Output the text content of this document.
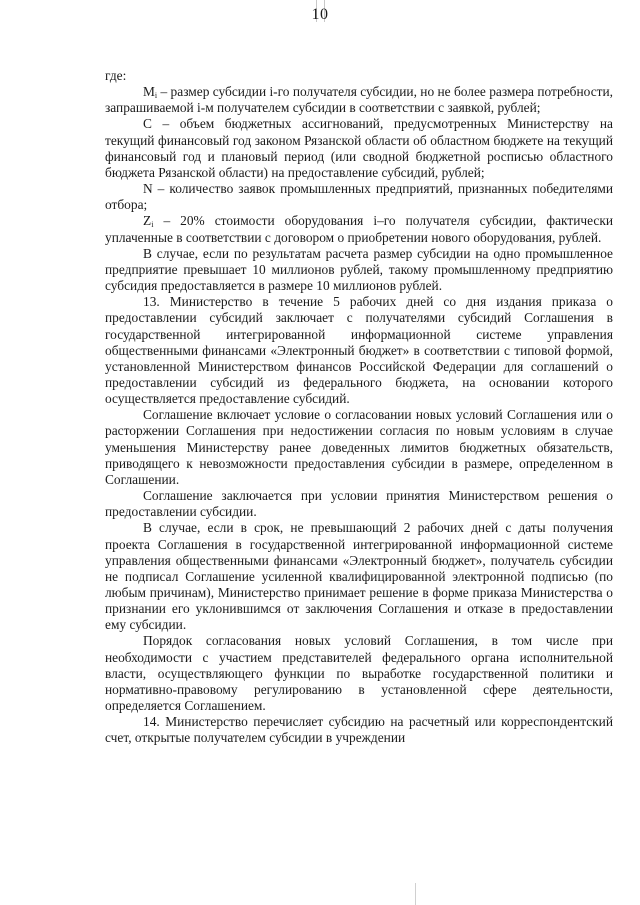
10

где:

$M_i$ – размер субсидии i-го получателя субсидии, но не более размера потребности, запрашиваемой i-м получателем субсидии в соответствии с заявкой, рублей;

С – объем бюджетных ассигнований, предусмотренных Министерству на текущий финансовый год законом Рязанской области об областном бюджете на текущий финансовый год и плановый период (или сводной бюджетной росписью областного бюджета Рязанской области) на предоставление субсидий, рублей;

N – количество заявок промышленных предприятий, признанных победителями отбора;

$Z_i - 20\%$ стоимости оборудования i–го получателя субсидии, фактически уплаченные в соответствии с договором о приобретении нового оборудования, рублей.

В случае, если по результатам расчета размер субсидии на одно промышленное предприятие превышает 10 миллионов рублей, такому промышленному предприятию субсидия предоставляется в размере 10 миллионов рублей.

13. Министерство в течение 5 рабочих дней со дня издания приказа о предоставлении субсидий заключает с получателями субсидий Соглашения в государственной интегрированной информационной системе управления общественными финансами «Электронный бюджет» в соответствии с типовой формой, установленной Министерством финансов Российской Федерации для соглашений о предоставлении субсидий из федерального бюджета, на основании которого осуществляется предоставление субсидий.

Соглашение включает условие о согласовании новых условий Соглашения или о расторжении Соглашения при недостижении согласия по новым условиям в случае уменьшения Министерству ранее доведенных лимитов бюджетных обязательств, приводящего к невозможности предоставления субсидии в размере, определенном в Соглашении.

Соглашение заключается при условии принятия Министерством решения о предоставлении субсидии.

В случае, если в срок, не превышающий 2 рабочих дней с даты получения проекта Соглашения в государственной интегрированной информационной системе управления общественными финансами «Электронный бюджет», получатель субсидии не подписал Соглашение усиленной квалифицированной электронной подписью (по любым причинам), Министерство принимает решение в форме приказа Министерства о признании его уклонившимся от заключения Соглашения и отказе в предоставлении ему субсидии.

Порядок согласования новых условий Соглашения, в том числе при необходимости с участием представителей федерального органа исполнительной власти, осуществляющего функции по выработке государственной политики и нормативно-правовому регулированию в установленной сфере деятельности, определяется Соглашением.

14. Министерство перечисляет субсидию на расчетный или корреспондентский счет, открытые получателем субсидии в учреждении
